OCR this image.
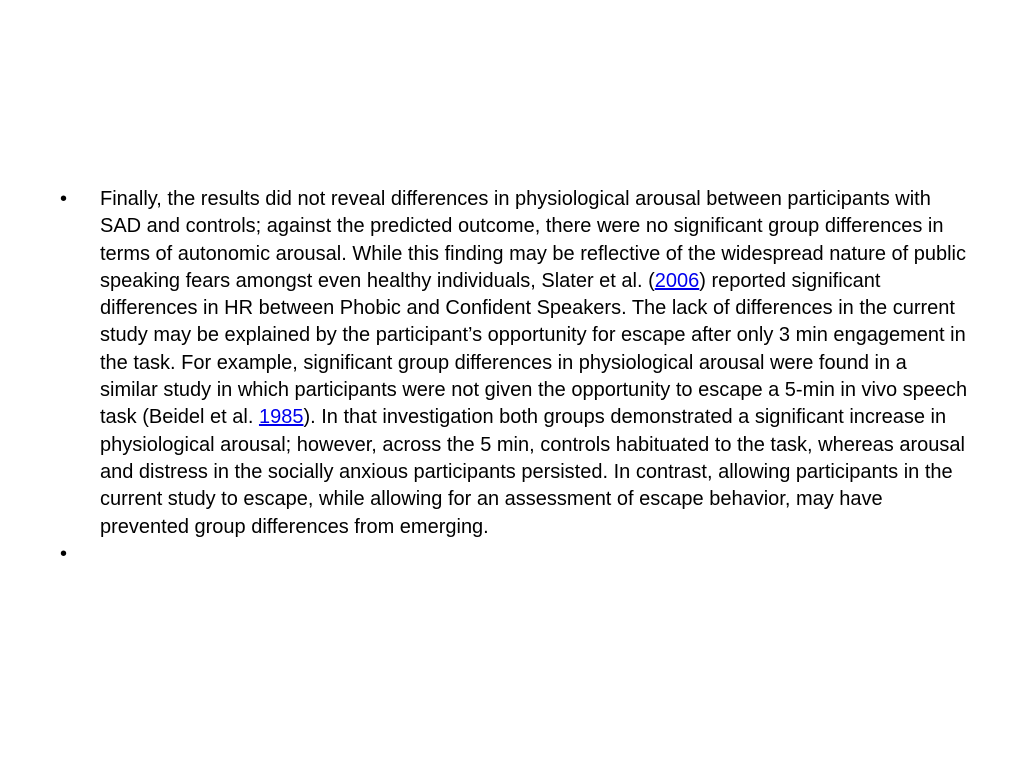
• Finally, the results did not reveal differences in physiological arousal between participants with SAD and controls; against the predicted outcome, there were no significant group differences in terms of autonomic arousal. While this finding may be reflective of the widespread nature of public speaking fears amongst even healthy individuals, Slater et al. (2006) reported significant differences in HR between Phobic and Confident Speakers. The lack of differences in the current study may be explained by the participant’s opportunity for escape after only 3 min engagement in the task. For example, significant group differences in physiological arousal were found in a similar study in which participants were not given the opportunity to escape a 5-min in vivo speech task (Beidel et al. 1985). In that investigation both groups demonstrated a significant increase in physiological arousal; however, across the 5 min, controls habituated to the task, whereas arousal and distress in the socially anxious participants persisted. In contrast, allowing participants in the current study to escape, while allowing for an assessment of escape behavior, may have prevented group differences from emerging.
•
